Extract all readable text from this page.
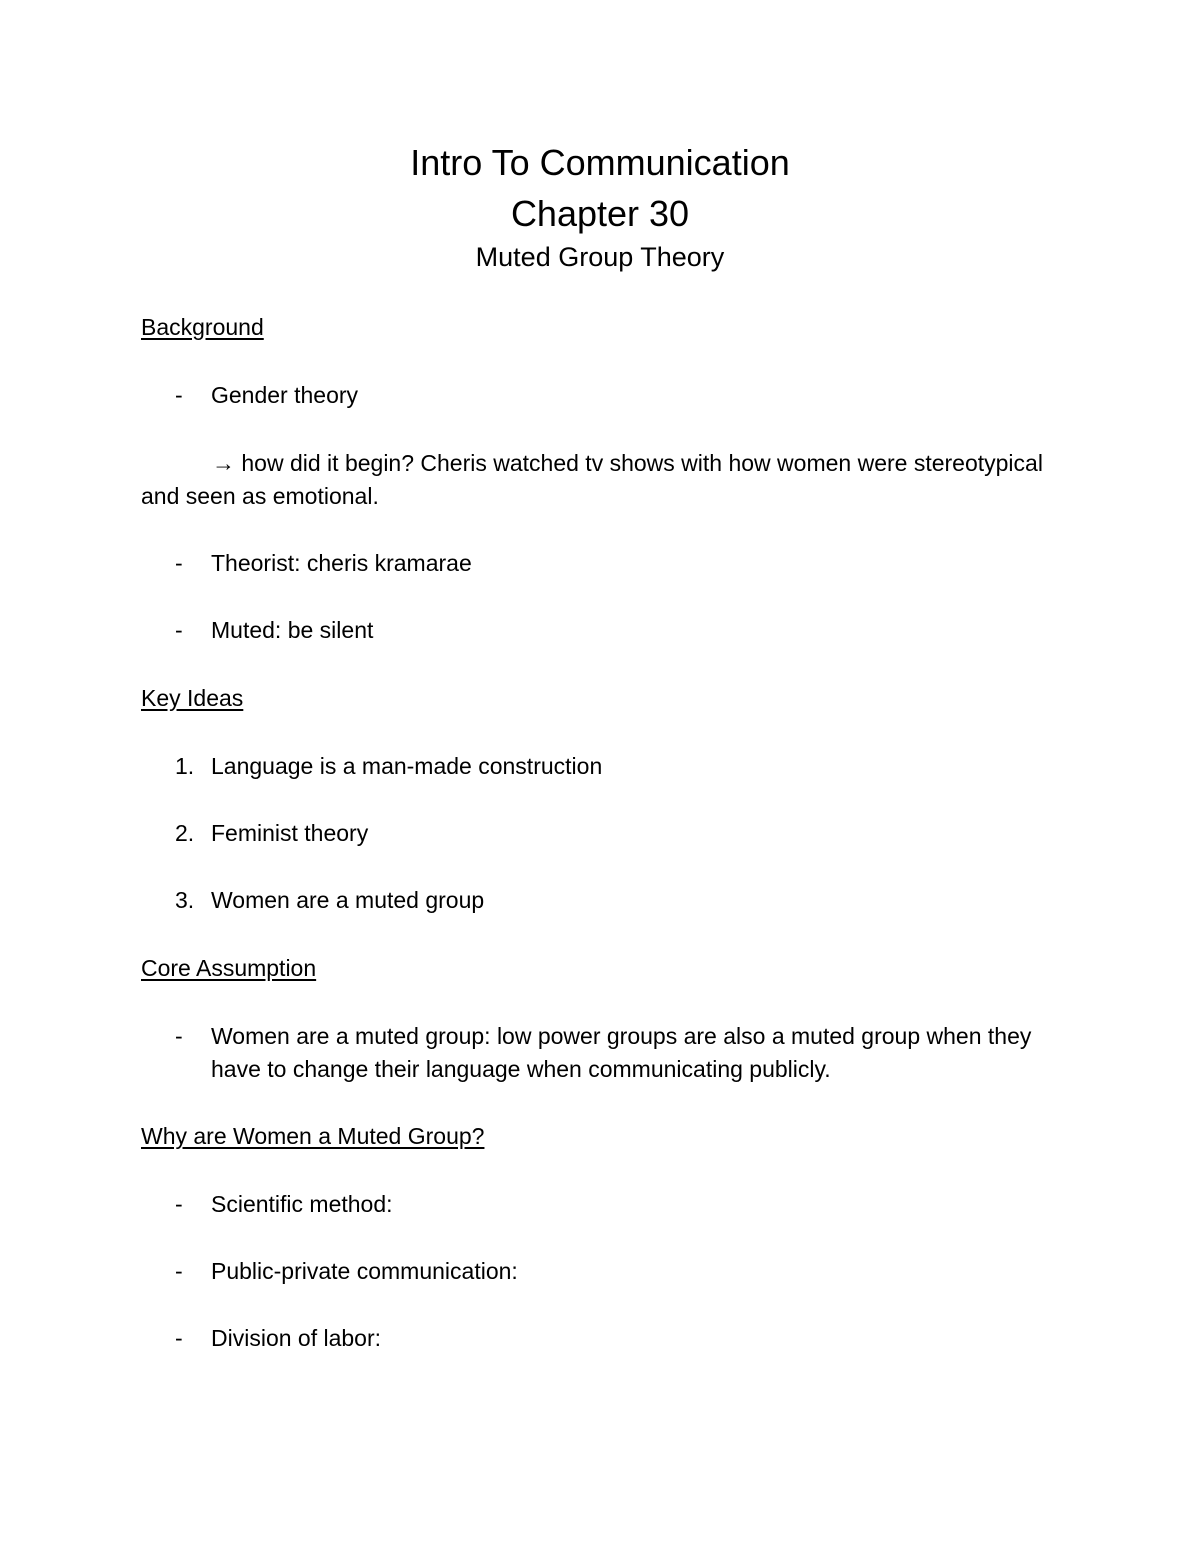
Intro To Communication
Chapter 30
Muted Group Theory
Background
- Gender theory
→ how did it begin? Cheris watched tv shows with how women were stereotypical and seen as emotional.
- Theorist: cheris kramarae
- Muted: be silent
Key Ideas
1. Language is a man-made construction
2. Feminist theory
3. Women are a muted group
Core Assumption
- Women are a muted group: low power groups are also a muted group when they have to change their language when communicating publicly.
Why are Women a Muted Group?
- Scientific method:
- Public-private communication:
- Division of labor:
